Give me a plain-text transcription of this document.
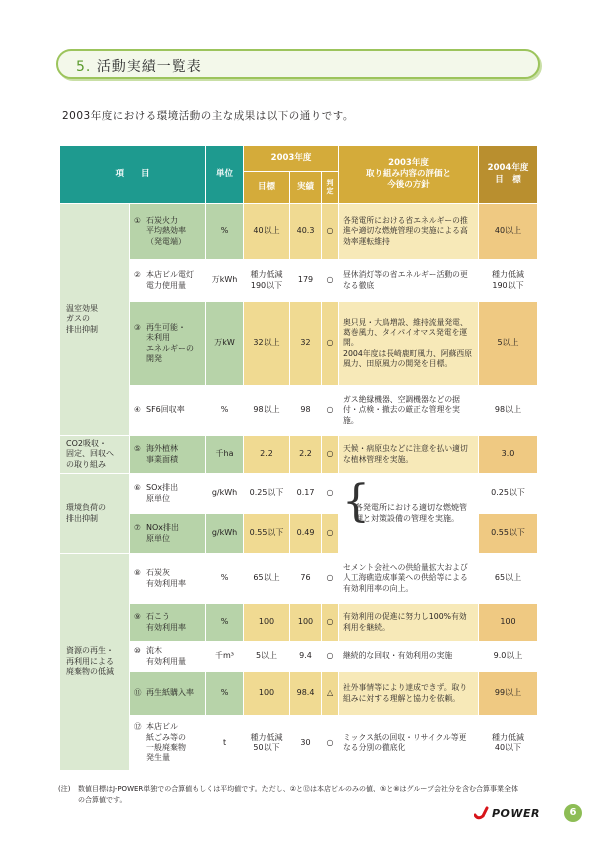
5. 活動実績一覧表
2003年度における環境活動の主な成果は以下の通りです。
項　　目		単位	2003年度			2003年度
取り組み内容の評価と
今後の方針	2004年度
目　標
			目標	実績	判
定		
温室効果
ガスの
排出抑制	① 石炭火力
平均熱効率
（発電端）	%	40以上	40.3	○	各発電所における省エネルギーの推進や適切な燃焼管理の実施による高効率運転維持	40以上

	② 本店ビル電灯
電力使用量	万kWh	種力低減
190以下	179	○	昼休消灯等の省エネルギー活動の更なる徹底	種力低減
190以下

	③ 再生可能・
未利用
エネルギーの
開発	万kW	32以上	32	○	奥只見・大鳥増設、維持流量発電、葛巻風力、タイパイオマス発電を運開。
2004年度は長崎鹿町風力、阿蘇西原風力、田原風力の開発を目標。	5以上

	④ SF6回収率	%	98以上	98	○	ガス絶縁機器、空調機器などの据付・点検・撤去の厳正な管理を実施。	98以上
CO2吸収・
固定、回収へ
の取り組み	⑤ 海外植林
事業面積	千ha	2.2	2.2	○	天候・病原虫などに注意を払い適切な植林管理を実施。	3.0
環境負荷の
排出抑制	⑥ SOx排出
原単位	g/kWh	0.25以下	0.17	○	{
各発電所における適切な燃焼管理と対策設備の管理を実施。	0.25以下

	⑦ NOx排出
原単位	g/kWh	0.55以下	0.49	○		0.55以下
資源の再生・
再利用による
廃棄物の低減	⑧ 石炭灰
有効利用率	%	65以上	76	○	セメント会社への供給量拡大および人工海礁造成事業への供給等による有効利用率の向上。	65以上

	⑨ 石こう
有効利用率	%	100	100	○	有効利用の促進に努力し100%有効利用を継続。	100

	⑩ 流木
有効利用量	千m³	5以上	9.4	○	継続的な回収・有効利用の実施	9.0以上

	⑪ 再生紙購入率	%	100	98.4	△	社外事情等により達成できず。取り組みに対する理解と協力を依頼。	99以上

	⑫ 本店ビル
紙ごみ等の
一般廃棄物
発生量	t	種力低減
50以下	30	○	ミックス紙の回収・リサイクル等更なる分別の徹底化	種力低減
40以下
(注)	数値目標はJ-POWER単独での合算値もしくは平均値です。ただし、②と⑫は本店ビルのみの値、⑤と⑧はグループ会社分を含む合算事業全体
の合算値です。
POWER	6
